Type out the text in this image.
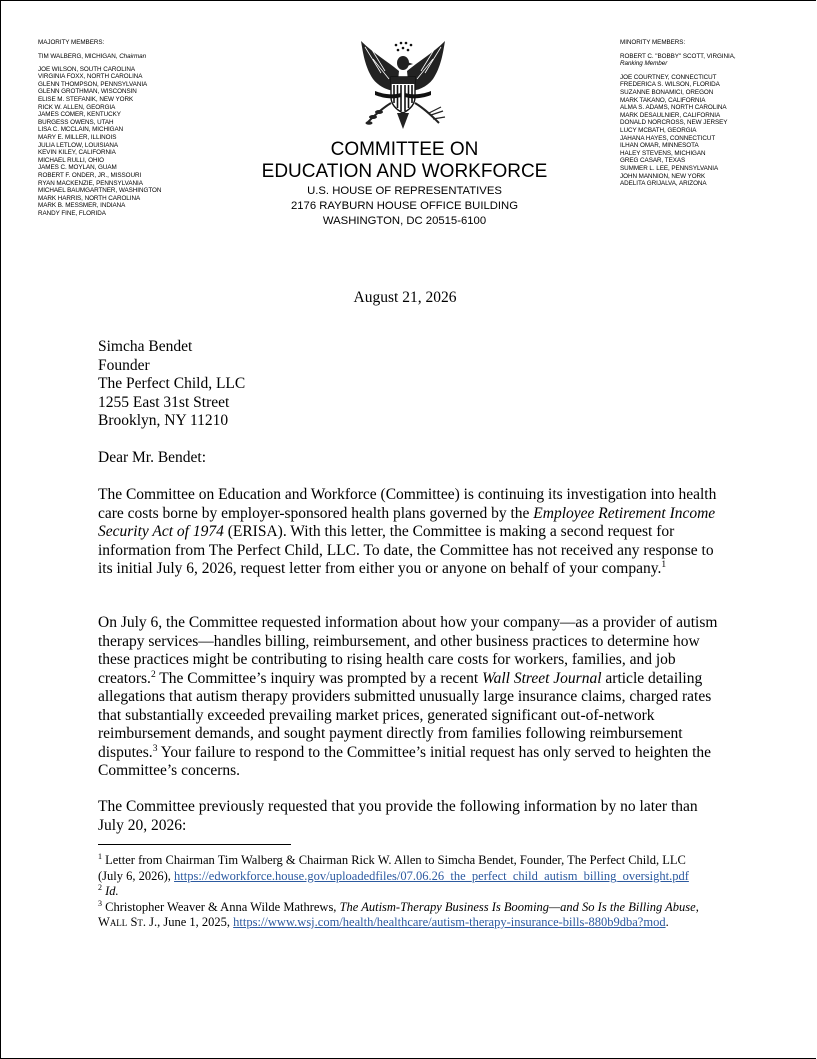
MAJORITY MEMBERS:
TIM WALBERG, MICHIGAN, Chairman
JOE WILSON, SOUTH CAROLINA
VIRGINIA FOXX, NORTH CAROLINA
GLENN THOMPSON, PENNSYLVANIA
GLENN GROTHMAN, WISCONSIN
ELISE M. STEFANIK, NEW YORK
RICK W. ALLEN, GEORGIA
JAMES COMER, KENTUCKY
BURGESS OWENS, UTAH
LISA C. MCCLAIN, MICHIGAN
MARY E. MILLER, ILLINOIS
JULIA LETLOW, LOUISIANA
KEVIN KILEY, CALIFORNIA
MICHAEL RULLI, OHIO
JAMES C. MOYLAN, GUAM
ROBERT F. ONDER, JR., MISSOURI
RYAN MACKENZIE, PENNSYLVANIA
MICHAEL BAUMGARTNER, WASHINGTON
MARK HARRIS, NORTH CAROLINA
MARK B. MESSMER, INDIANA
RANDY FINE, FLORIDA
COMMITTEE ON
EDUCATION AND WORKFORCE
U.S. HOUSE OF REPRESENTATIVES
2176 RAYBURN HOUSE OFFICE BUILDING
WASHINGTON, DC 20515-6100
MINORITY MEMBERS:
ROBERT C. "BOBBY" SCOTT, VIRGINIA,
Ranking Member
JOE COURTNEY, CONNECTICUT
FREDERICA S. WILSON, FLORIDA
SUZANNE BONAMICI, OREGON
MARK TAKANO, CALIFORNIA
ALMA S. ADAMS, NORTH CAROLINA
MARK DESAULNIER, CALIFORNIA
DONALD NORCROSS, NEW JERSEY
LUCY MCBATH, GEORGIA
JAHANA HAYES, CONNECTICUT
ILHAN OMAR, MINNESOTA
HALEY STEVENS, MICHIGAN
GREG CASAR, TEXAS
SUMMER L. LEE, PENNSYLVANIA
JOHN MANNION, NEW YORK
ADELITA GRIJALVA, ARIZONA
August 21, 2026
Simcha Bendet
Founder
The Perfect Child, LLC
1255 East 31st Street
Brooklyn, NY 11210
Dear Mr. Bendet:

The Committee on Education and Workforce (Committee) is continuing its investigation into health care costs borne by employer-sponsored health plans governed by the Employee Retirement Income Security Act of 1974 (ERISA). With this letter, the Committee is making a second request for information from The Perfect Child, LLC. To date, the Committee has not received any response to its initial July 6, 2026, request letter from either you or anyone on behalf of your company.$^1$

On July 6, the Committee requested information about how your company—as a provider of autism therapy services—handles billing, reimbursement, and other business practices to determine how these practices might be contributing to rising health care costs for workers, families, and job creators.$^2$ The Committee’s inquiry was prompted by a recent Wall Street Journal article detailing allegations that autism therapy providers submitted unusually large insurance claims, charged rates that substantially exceeded prevailing market prices, generated significant out-of-network reimbursement demands, and sought payment directly from families following reimbursement disputes.$^3$ Your failure to respond to the Committee’s initial request has only served to heighten the Committee’s concerns.

The Committee previously requested that you provide the following information by no later than July 20, 2026:

$^1$ Letter from Chairman Tim Walberg & Chairman Rick W. Allen to Simcha Bendet, Founder, The Perfect Child, LLC (July 6, 2026), https://edworkforce.house.gov/uploadedfiles/07.06.26_the_perfect_child_autism_billing_oversight.pdf

$^2$ Id.

$^3$ Christopher Weaver & Anna Wilde Mathrews, The Autism-Therapy Business Is Booming—and So Is the Billing Abuse, Wall St. J., June 1, 2025, https://www.wsj.com/health/healthcare/autism-therapy-insurance-bills-880b9dba?mod.
